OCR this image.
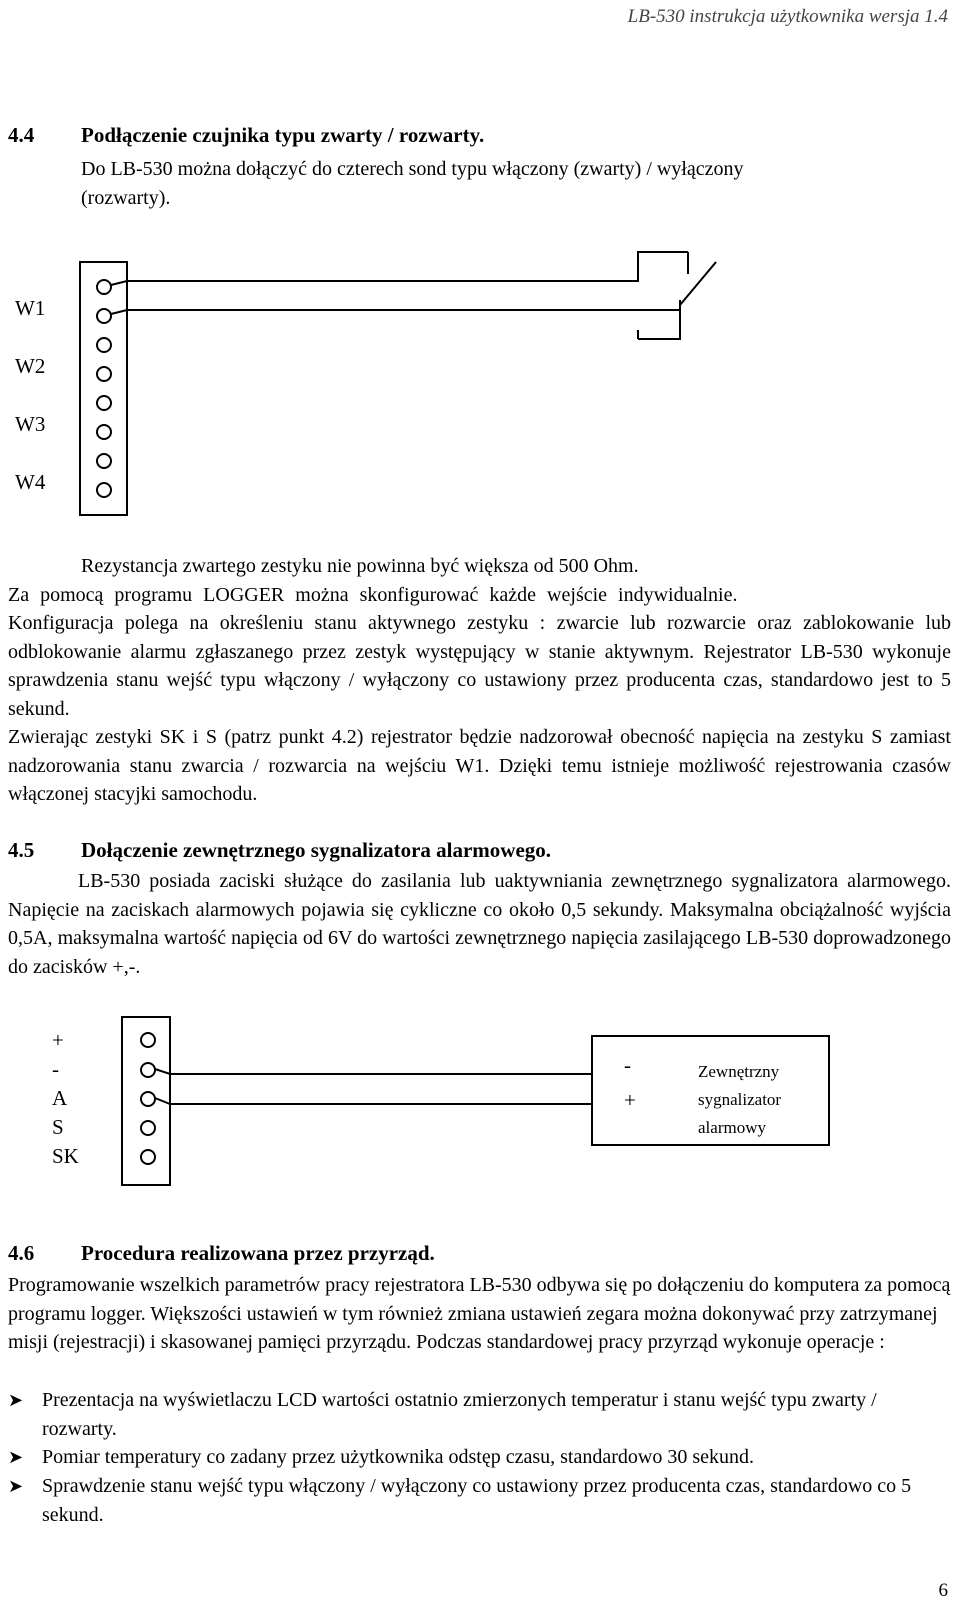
LB-530 instrukcja użytkownika wersja 1.4
4.4 Podłączenie czujnika typu zwarty / rozwarty.
Do LB-530 można dołączyć do czterech sond typu włączony (zwarty) / wyłączony
(rozwarty).
W1
W2
W3
W4
Rezystancja zwartego zestyku nie powinna być większa od 500 Ohm.
Za pomocą programu LOGGER można skonfigurować każde wejście indywidualnie.
Konfiguracja polega na określeniu stanu aktywnego zestyku : zwarcie lub rozwarcie oraz zablokowanie lub odblokowanie alarmu zgłaszanego przez zestyk występujący w stanie aktywnym. Rejestrator LB-530 wykonuje sprawdzenia stanu wejść typu włączony / wyłączony co ustawiony przez producenta czas, standardowo jest to 5 sekund.
Zwierając zestyki SK i S (patrz punkt 4.2) rejestrator będzie nadzorował obecność napięcia na zestyku S zamiast nadzorowania stanu zwarcia / rozwarcia na wejściu W1. Dzięki temu istnieje możliwość rejestrowania czasów włączonej stacyjki samochodu.
4.5 Dołączenie zewnętrznego sygnalizatora alarmowego.
LB-530 posiada zaciski służące do zasilania lub uaktywniania zewnętrznego sygnalizatora alarmowego. Napięcie na zaciskach alarmowych pojawia się cykliczne co około 0,5 sekundy. Maksymalna obciążalność wyjścia 0,5A, maksymalna wartość napięcia od 6V do wartości zewnętrznego napięcia zasilającego LB-530 doprowadzonego do zacisków +,-.
+
-
A
S
SK
-
+
Zewnętrzny
sygnalizator
alarmowy
4.6 Procedura realizowana przez przyrząd.
Programowanie wszelkich parametrów pracy rejestratora LB-530 odbywa się po dołączeniu do komputera za pomocą programu logger. Większości ustawień w tym również zmiana ustawień zegara można dokonywać przy zatrzymanej misji (rejestracji) i skasowanej pamięci przyrządu. Podczas standardowej pracy przyrząd wykonuje operacje :
➤ Prezentacja na wyświetlaczu LCD wartości ostatnio zmierzonych temperatur i stanu wejść typu zwarty / rozwarty.
➤ Pomiar temperatury co zadany przez użytkownika odstęp czasu, standardowo 30 sekund.
➤ Sprawdzenie stanu wejść typu włączony / wyłączony co ustawiony przez producenta czas, standardowo co 5 sekund.
6
